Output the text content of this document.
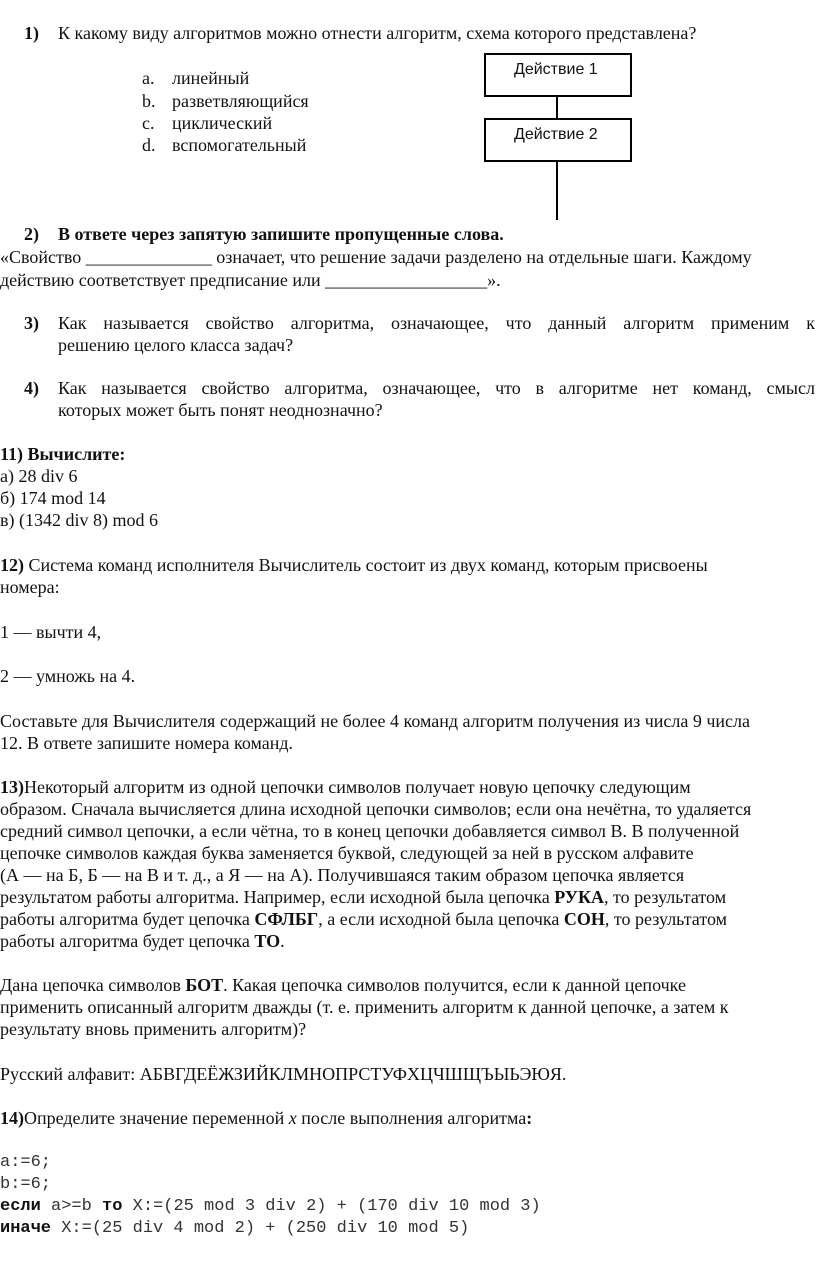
1) К какому виду алгоритмов можно отнести алгоритм, схема которого представлена?
a. линейный
b. разветвляющийся
c. циклический
d. вспомогательный
Действие 1
Действие 2
2) В ответе через запятую запишите пропущенные слова.
«Свойство ______________ означает, что решение задачи разделено на отдельные шаги. Каждому
действию соответствует предписание или __________________».
3) Как называется свойство алгоритма, означающее, что данный алгоритм применим к
решению целого класса задач?
4) Как называется свойство алгоритма, означающее, что в алгоритме нет команд, смысл
которых может быть понят неоднозначно?
11) Вычислите:
а) 28 div 6
б) 174 mod 14
в) (1342 div 8) mod 6
12) Система команд исполнителя Вычислитель состоит из двух команд, которым присвоены
номера:
1 — вычти 4,
2 — умножь на 4.
Составьте для Вычислителя содержащий не более 4 команд алгоритм получения из числа 9 числа
12. В ответе запишите номера команд.
13)Некоторый алгоритм из одной цепочки символов получает новую цепочку следующим
образом. Сначала вычисляется длина исходной цепочки символов; если она нечётна, то удаляется
средний символ цепочки, а если чётна, то в конец цепочки добавляется символ В. В полученной
цепочке символов каждая буква заменяется буквой, следующей за ней в русском алфавите
(А — на Б, Б — на В и т. д., а Я — на А). Получившаяся таким образом цепочка является
результатом работы алгоритма. Например, если исходной была цепочка РУКА, то результатом
работы алгоритма будет цепочка СФЛБГ, а если исходной была цепочка СОН, то результатом
работы алгоритма будет цепочка ТО.
Дана цепочка символов БОТ. Какая цепочка символов получится, если к данной цепочке
применить описанный алгоритм дважды (т. е. применить алгоритм к данной цепочке, а затем к
результату вновь применить алгоритм)?
Русский алфавит: АБВГДЕЁЖЗИЙКЛМНОПРСТУФХЦЧШЩЪЫЬЭЮЯ.
14)Определите значение переменной x после выполнения алгоритма:
a:=6;
b:=6;
если a>=b то X:=(25 mod 3 div 2) + (170 div 10 mod 3)
иначе X:=(25 div 4 mod 2) + (250 div 10 mod 5)
